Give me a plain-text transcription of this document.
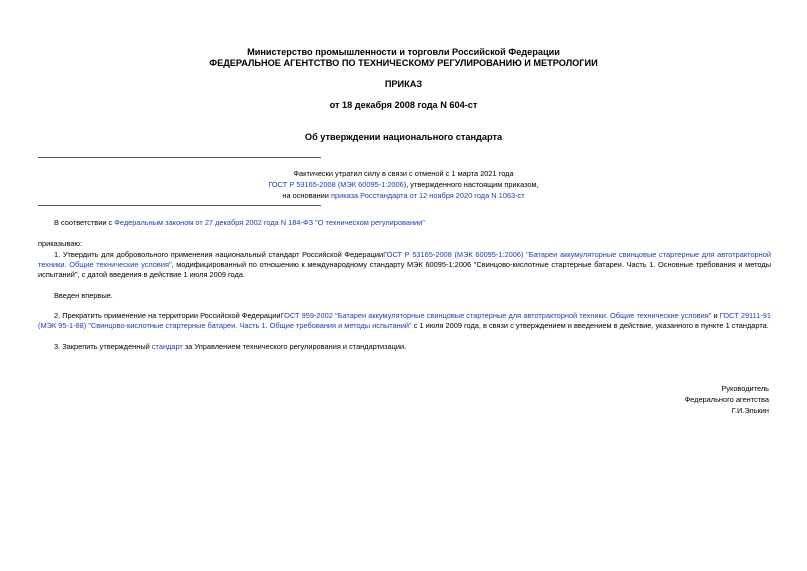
Министерство промышленности и торговли Российской Федерации
ФЕДЕРАЛЬНОЕ АГЕНТСТВО ПО ТЕХНИЧЕСКОМУ РЕГУЛИРОВАНИЮ И МЕТРОЛОГИИ
ПРИКАЗ
от 18 декабря 2008 года N 604-ст
Об утверждении национального стандарта
Фактически утратил силу в связи с отменой с 1 марта 2021 года
ГОСТ Р 53165-2008 (МЭК 60095-1:2006), утвержденного настоящим приказом,
на основании приказа Росстандарта от 12 ноября 2020 года N 1063-ст
В соответствии с Федеральным законом от 27 декабря 2002 года N 184-ФЗ "О техническом регулировании"
приказываю:
1. Утвердить для добровольного применения национальный стандарт Российской ФедерацииГОСТ Р 53165-2008 (МЭК 60095-1:2006) "Батареи аккумуляторные свинцовые стартерные для автотракторной техники. Общие технические условия", модифицированный по отношению к международному стандарту МЭК 60095-1:2006 "Свинцово-кислотные стартерные батареи. Часть 1. Основные требования и методы испытаний", с датой введения в действие 1 июля 2009 года.
Введен впервые.
2. Прекратить применение на территории Российской ФедерацииГОСТ 959-2002 "Батареи аккумуляторные свинцовые стартерные для автотракторной техники. Общие технические условия" и ГОСТ 29111-91 (МЭК 95-1-88) "Свинцово-кислотные стартерные батареи. Часть 1. Общие требования и методы испытаний" с 1 июля 2009 года, в связи с утверждением и введением в действие, указанного в пункте 1 стандарта.
3. Закрепить утвержденный стандарт за Управлением технического регулирования и стандартизации.
Руководитель
Федерального агентства
Г.И.Элькин
